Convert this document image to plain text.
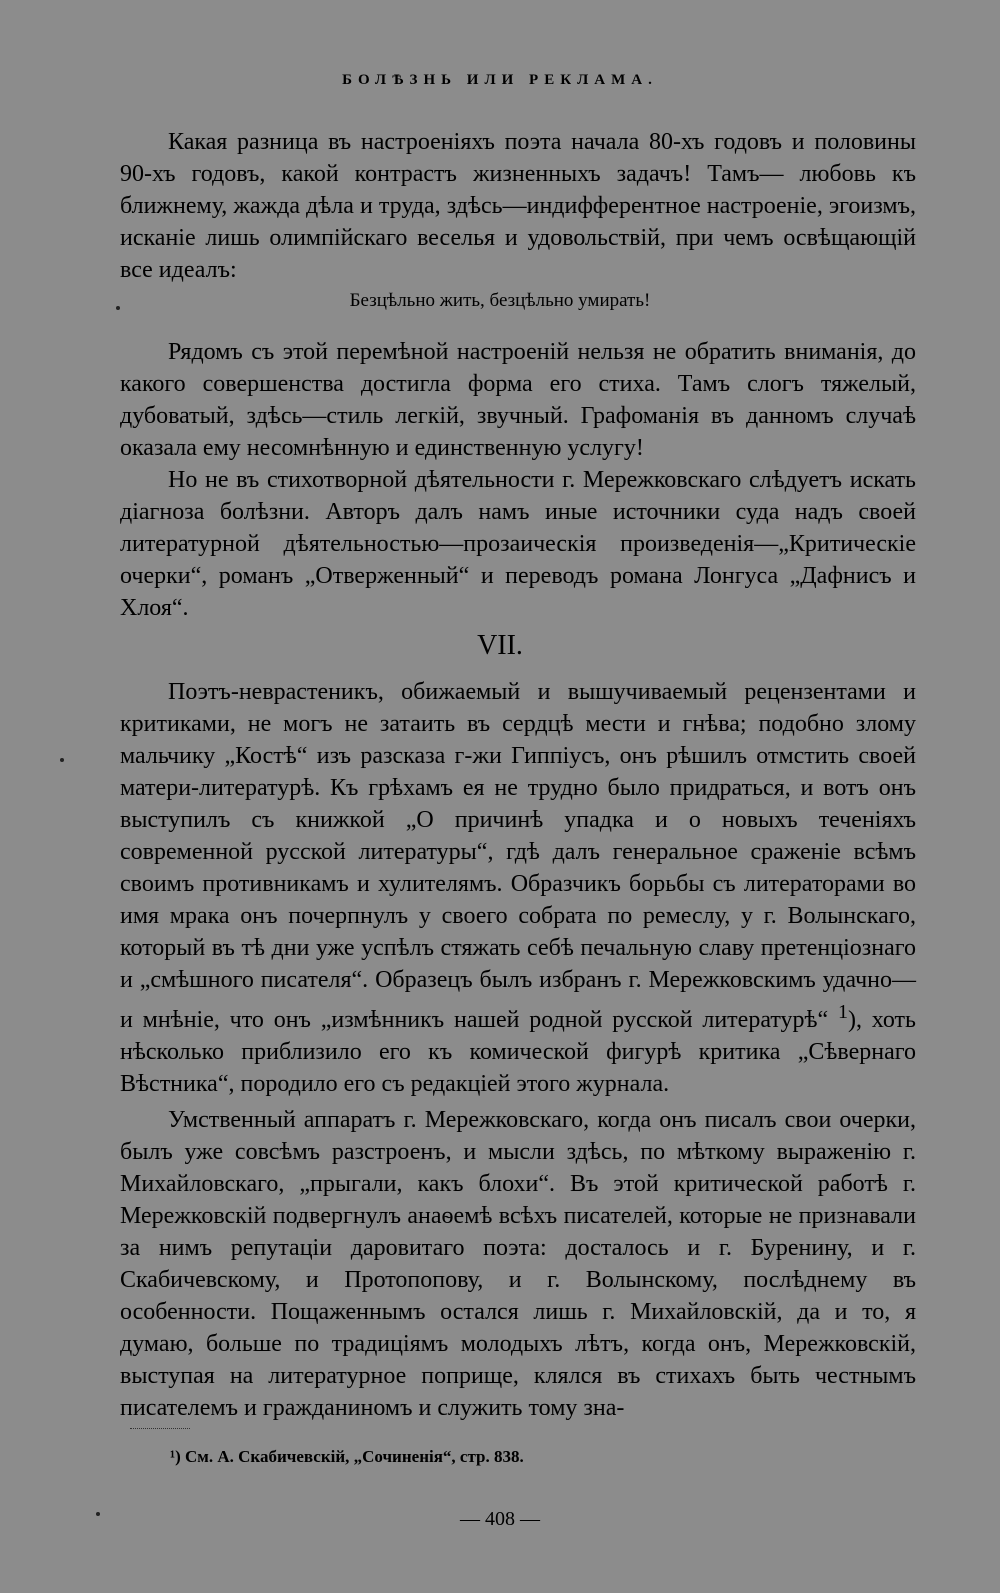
БОЛѢЗНЬ ИЛИ РЕКЛАМА.

Какая разница въ настроеніяхъ поэта начала 80-хъ годовъ и половины 90-хъ годовъ, какой контрастъ жизненныхъ задачъ! Тамъ— любовь къ ближнему, жажда дѣла и труда, здѣсь—индифферентное настроеніе, эгоизмъ, исканіе лишь олимпійскаго веселья и удовольствій, при чемъ освѣщающій все идеалъ:

Безцѣльно жить, безцѣльно умирать!

Рядомъ съ этой перемѣной настроеній нельзя не обратить вниманія, до какого совершенства достигла форма его стиха. Тамъ слогъ тяжелый, дубоватый, здѣсь—стиль легкій, звучный. Графоманія въ данномъ случаѣ оказала ему несомнѣнную и единственную услугу!

Но не въ стихотворной дѣятельности г. Мережковскаго слѣдуетъ искать діагноза болѣзни. Авторъ далъ намъ иные источники суда надъ своей литературной дѣятельностью—прозаическія произведенія—„Критическіе очерки“, романъ „Отверженный“ и переводъ романа Лонгуса „Дафнисъ и Хлоя“.

VII.

Поэтъ-неврастеникъ, обижаемый и вышучиваемый рецензентами и критиками, не могъ не затаить въ сердцѣ мести и гнѣва; подобно злому мальчику „Костѣ“ изъ разсказа г-жи Гиппіусъ, онъ рѣшилъ отмстить своей матери-литературѣ. Къ грѣхамъ ея не трудно было придраться, и вотъ онъ выступилъ съ книжкой „О причинѣ упадка и о новыхъ теченіяхъ современной русской литературы“, гдѣ далъ генеральное сраженіе всѣмъ своимъ противникамъ и хулителямъ. Образчикъ борьбы съ литераторами во имя мрака онъ почерпнулъ у своего собрата по ремеслу, у г. Волынскаго, который въ тѣ дни уже успѣлъ стяжать себѣ печальную славу претенціознаго и „смѣшного писателя“. Образецъ былъ избранъ г. Мережковскимъ удачно—и мнѣніе, что онъ „измѣнникъ нашей родной русской литературѣ“ $^1$), хоть нѣсколько приблизило его къ комической фигурѣ критика „Сѣвернаго Вѣстника“, породило его съ редакціей этого журнала.

Умственный аппаратъ г. Мережковскаго, когда онъ писалъ свои очерки, былъ уже совсѣмъ разстроенъ, и мысли здѣсь, по мѣткому выраженію г. Михайловскаго, „прыгали, какъ блохи“. Въ этой критической работѣ г. Мережковскій подвергнулъ анаѳемѣ всѣхъ писателей, которые не признавали за нимъ репутаціи даровитаго поэта: досталось и г. Буренину, и г. Скабичевскому, и Протопопову, и г. Волынскому, послѣднему въ особенности. Пощаженнымъ остался лишь г. Михайловскій, да и то, я думаю, больше по традиціямъ молодыхъ лѣтъ, когда онъ, Мережковскій, выступая на литературное поприще, клялся въ стихахъ быть честнымъ писателемъ и гражданиномъ и служить тому зна-

¹) См. А. Скабичевскій, „Сочиненія“, стр. 838.
— 408 —
